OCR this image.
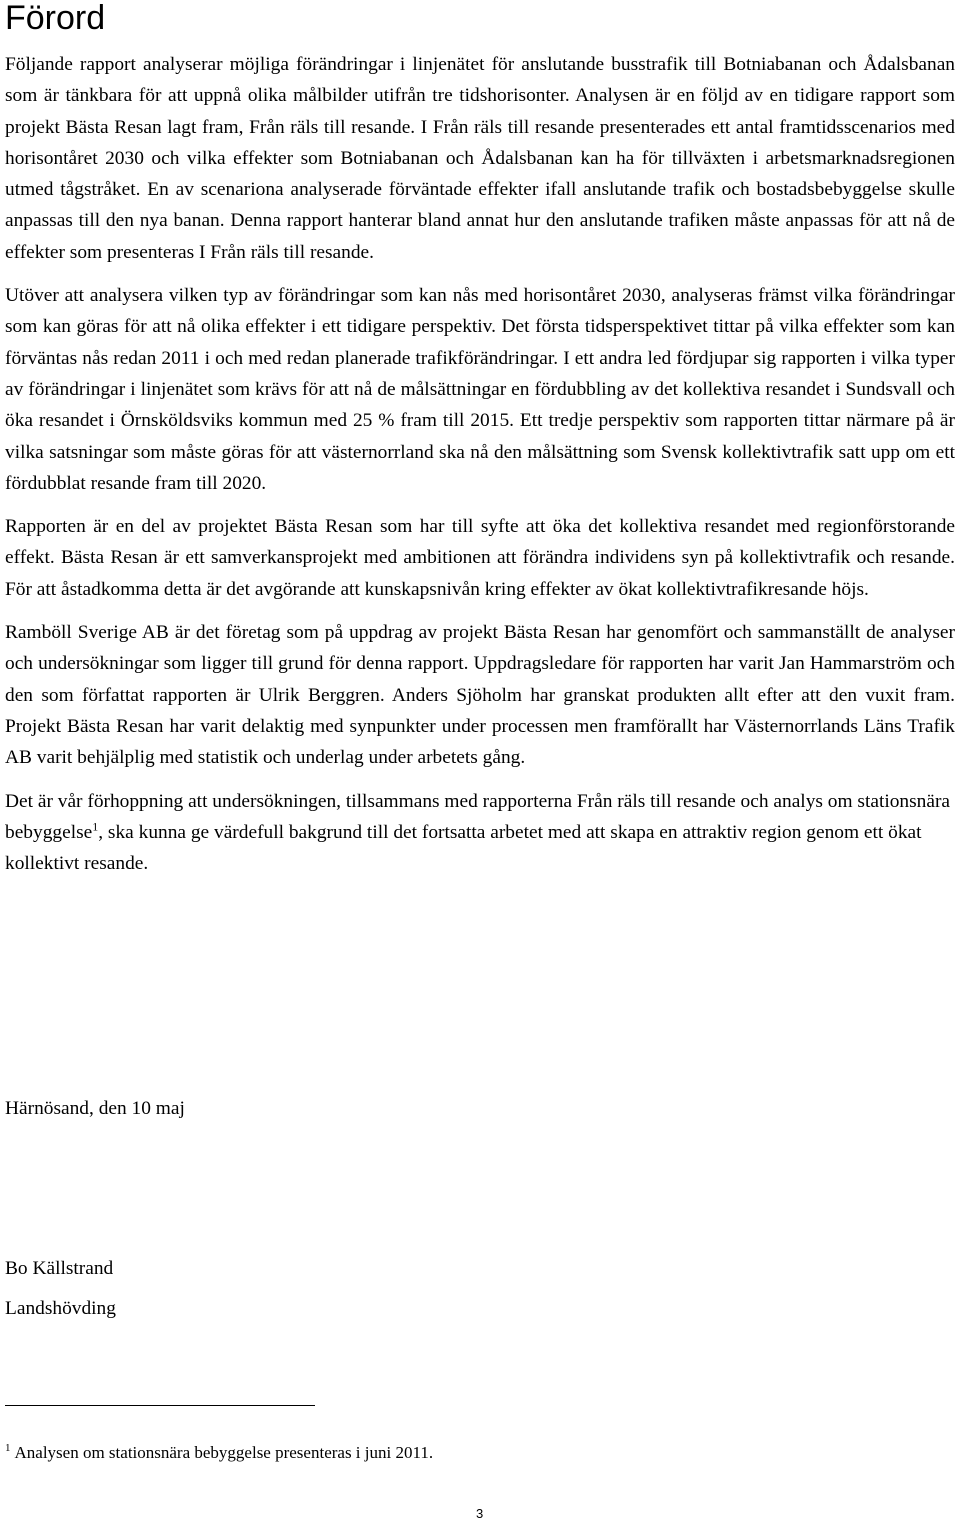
Förord

Följande rapport analyserar möjliga förändringar i linjenätet för anslutande busstrafik till Botniabanan och Ådalsbanan som är tänkbara för att uppnå olika målbilder utifrån tre tidshorisonter. Analysen är en följd av en tidigare rapport som projekt Bästa Resan lagt fram, Från räls till resande. I Från räls till resande presenterades ett antal framtidsscenarios med horisontåret 2030 och vilka effekter som Botniabanan och Ådalsbanan kan ha för tillväxten i arbetsmarknadsregionen utmed tågstråket. En av scenariona analyserade förväntade effekter ifall anslutande trafik och bostadsbebyggelse skulle anpassas till den nya banan. Denna rapport hanterar bland annat hur den anslutande trafiken måste anpassas för att nå de effekter som presenteras I Från räls till resande.

Utöver att analysera vilken typ av förändringar som kan nås med horisontåret 2030, analyseras främst vilka förändringar som kan göras för att nå olika effekter i ett tidigare perspektiv. Det första tidsperspektivet tittar på vilka effekter som kan förväntas nås redan 2011 i och med redan planerade trafikförändringar. I ett andra led fördjupar sig rapporten i vilka typer av förändringar i linjenätet som krävs för att nå de målsättningar en fördubbling av det kollektiva resandet i Sundsvall och öka resandet i Örnsköldsviks kommun med 25 % fram till 2015. Ett tredje perspektiv som rapporten tittar närmare på är vilka satsningar som måste göras för att västernorrland ska nå den målsättning som Svensk kollektivtrafik satt upp om ett fördubblat resande fram till 2020.

Rapporten är en del av projektet Bästa Resan som har till syfte att öka det kollektiva resandet med regionförstorande effekt. Bästa Resan är ett samverkansprojekt med ambitionen att förändra individens syn på kollektivtrafik och resande. För att åstadkomma detta är det avgörande att kunskapsnivån kring effekter av ökat kollektivtrafikresande höjs.

Ramböll Sverige AB är det företag som på uppdrag av projekt Bästa Resan har genomfört och sammanställt de analyser och undersökningar som ligger till grund för denna rapport. Uppdragsledare för rapporten har varit Jan Hammarström och den som författat rapporten är Ulrik Berggren. Anders Sjöholm har granskat produkten allt efter att den vuxit fram. Projekt Bästa Resan har varit delaktig med synpunkter under processen men framförallt har Västernorrlands Läns Trafik AB varit behjälplig med statistik och underlag under arbetets gång.

Det är vår förhoppning att undersökningen, tillsammans med rapporterna Från räls till resande och analys om stationsnära bebyggelse$^1$, ska kunna ge värdefull bakgrund till det fortsatta arbetet med att skapa en attraktiv region genom ett ökat kollektivt resande.

Härnösand, den 10 maj
Bo Källstrand
Landshövding
$^1$ Analysen om stationsnära bebyggelse presenteras i juni 2011.
3
